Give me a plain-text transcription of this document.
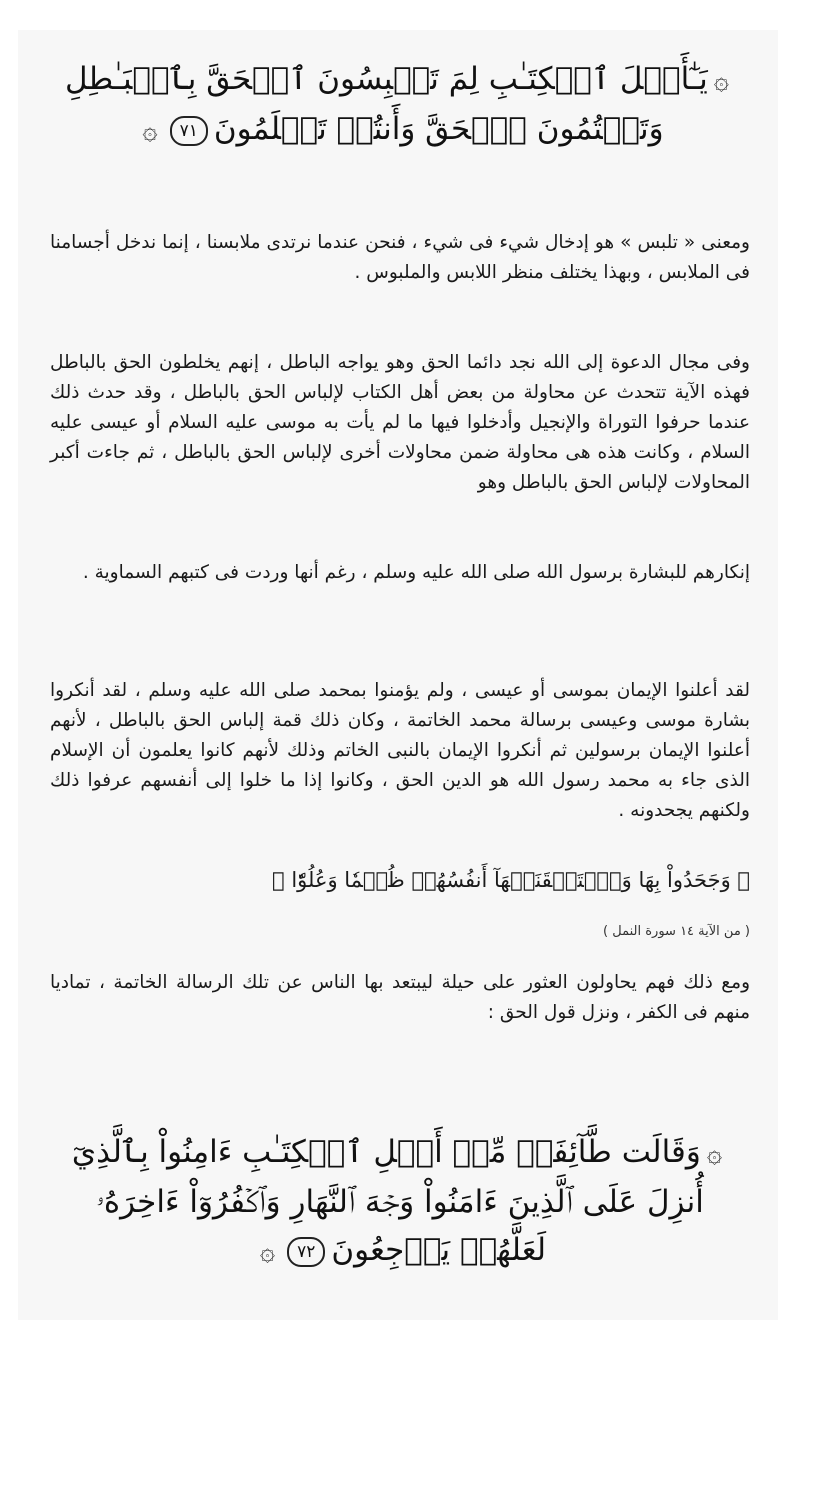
۞يَـٰٓأَهۡلَ ٱلۡكِتَـٰبِ لِمَ تَلۡبِسُونَ ٱلۡحَقَّ بِٱلۡبَـٰطِلِ
وَتَكۡتُمُونَ ٱلۡحَقَّ وَأَنتُمۡ تَعۡلَمُونَ٧١۞

ومعنى « تلبس » هو إدخال شيء فى شيء ، فنحن عندما نرتدى ملابسنا ، إنما ندخل أجسامنا فى الملابس ، وبهذا يختلف منظر اللابس والملبوس .

وفى مجال الدعوة إلى الله نجد دائما الحق وهو يواجه الباطل ، إنهم يخلطون الحق بالباطل فهذه الآية تتحدث عن محاولة من بعض أهل الكتاب لإلباس الحق بالباطل ، وقد حدث ذلك عندما حرفوا التوراة والإنجيل وأدخلوا فيها ما لم يأت به موسى عليه السلام أو عيسى عليه السلام ، وكانت هذه هى محاولة ضمن محاولات أخرى لإلباس الحق بالباطل ، ثم جاءت أكبر المحاولات لإلباس الحق بالباطل وهو

إنكارهم للبشارة برسول الله صلى الله عليه وسلم ، رغم أنها وردت فى كتبهم السماوية .

لقد أعلنوا الإيمان بموسى أو عيسى ، ولم يؤمنوا بمحمد صلى الله عليه وسلم ، لقد أنكروا بشارة موسى وعيسى برسالة محمد الخاتمة ، وكان ذلك قمة إلباس الحق بالباطل ، لأنهم أعلنوا الإيمان برسولين ثم أنكروا الإيمان بالنبى الخاتم وذلك لأنهم كانوا يعلمون أن الإسلام الذى جاء به محمد رسول الله هو الدين الحق ، وكانوا إذا ما خلوا إلى أنفسهم عرفوا ذلك ولكنهم يجحدونه .

﴿ وَجَحَدُواْ بِهَا وَٱسۡتَيۡقَنَتۡهَآ أَنفُسُهُمۡ ظُلۡمٗا وَعُلُوّٗا ﴾
( من الآية ١٤ سورة النمل )

ومع ذلك فهم يحاولون العثور على حيلة ليبتعد بها الناس عن تلك الرسالة الخاتمة ، تماديا منهم فى الكفر ، ونزل قول الحق :

۞وَقَالَت طَّآئِفَةٞ مِّنۡ أَهۡلِ ٱلۡكِتَـٰبِ ءَامِنُواْ بِٱلَّذِيٓ
أُنزِلَ عَلَى ٱلَّذِينَ ءَامَنُواْ وَجۡهَ ٱلنَّهَارِ وَٱكۡفُرُوٓاْ ءَاخِرَهُۥ
لَعَلَّهُمۡ يَرۡجِعُونَ٧٢۞
